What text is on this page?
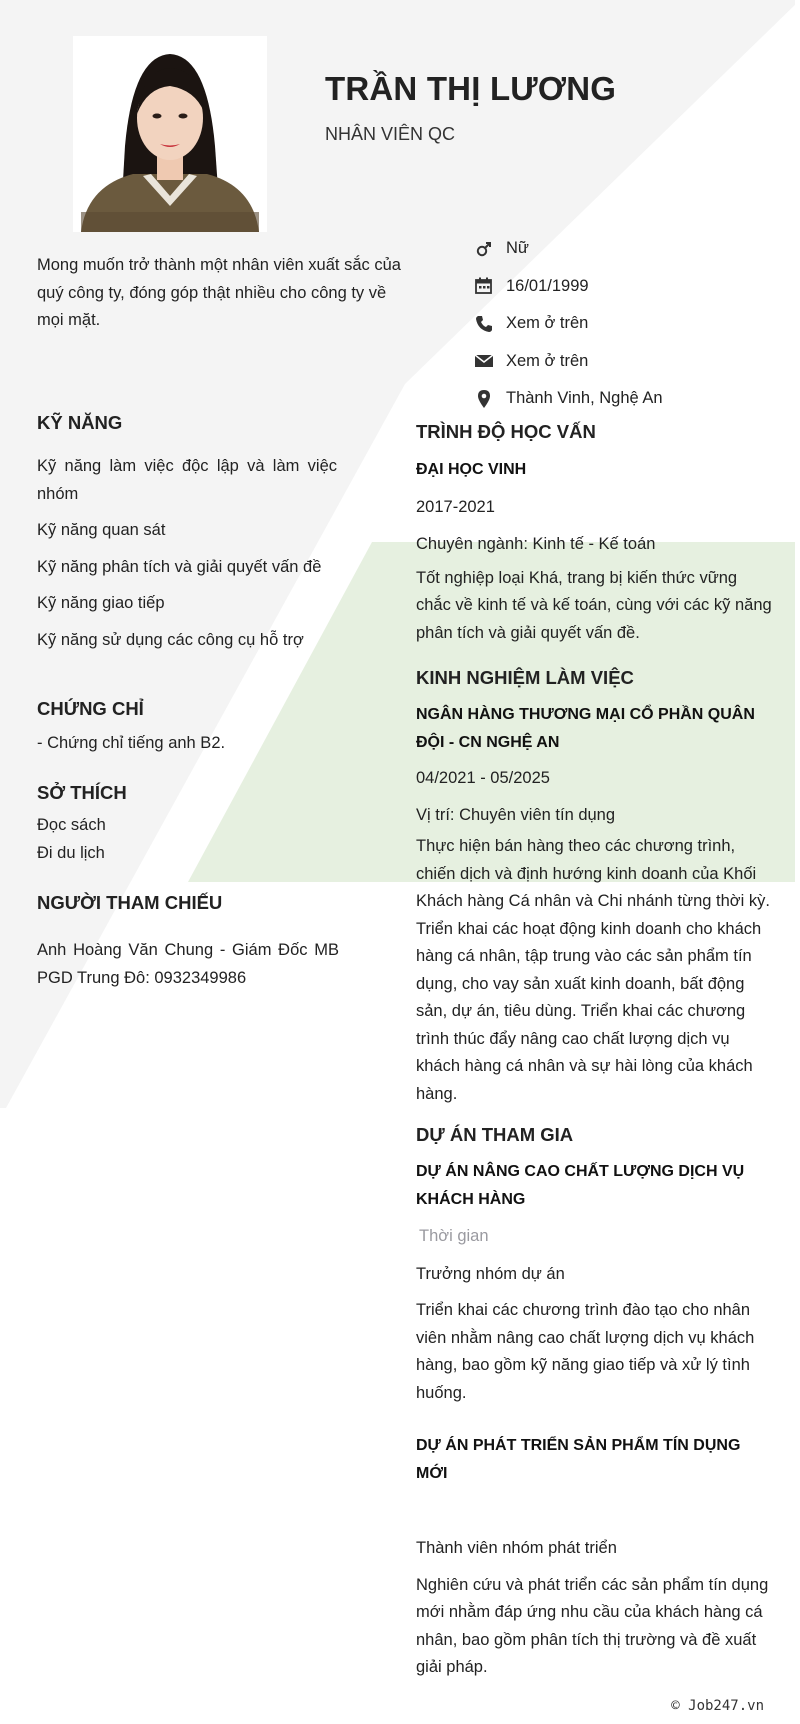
TRẦN THỊ LƯƠNG
NHÂN VIÊN QC
Mong muốn trở thành một nhân viên xuất sắc của quý công ty, đóng góp thật nhiều cho công ty về mọi mặt.
Nữ
16/01/1999
Xem ở trên
Xem ở trên
Thành Vinh, Nghệ An
KỸ NĂNG
Kỹ năng làm việc độc lập và làm việc nhóm
Kỹ năng quan sát
Kỹ năng phân tích và giải quyết vấn đề
Kỹ năng giao tiếp
Kỹ năng sử dụng các công cụ hỗ trợ
CHỨNG CHỈ
- Chứng chỉ tiếng anh B2.
SỞ THÍCH
Đọc sách
Đi du lịch
NGƯỜI THAM CHIẾU
Anh Hoàng Văn Chung - Giám Đốc MB PGD Trung Đô: 0932349986
TRÌNH ĐỘ HỌC VẤN
ĐẠI HỌC VINH
2017-2021
Chuyên ngành: Kinh tế - Kế toán
Tốt nghiệp loại Khá, trang bị kiến thức vững chắc về kinh tế và kế toán, cùng với các kỹ năng phân tích và giải quyết vấn đề.
KINH NGHIỆM LÀM VIỆC
NGÂN HÀNG THƯƠNG MẠI CỔ PHẦN QUÂN ĐỘI - CN NGHỆ AN
04/2021 - 05/2025
Vị trí: Chuyên viên tín dụng
Thực hiện bán hàng theo các chương trình, chiến dịch và định hướng kinh doanh của Khối Khách hàng Cá nhân và Chi nhánh từng thời kỳ. Triển khai các hoạt động kinh doanh cho khách hàng cá nhân, tập trung vào các sản phẩm tín dụng, cho vay sản xuất kinh doanh, bất động sản, dự án, tiêu dùng. Triển khai các chương trình thúc đẩy nâng cao chất lượng dịch vụ khách hàng cá nhân và sự hài lòng của khách hàng.
DỰ ÁN THAM GIA
DỰ ÁN NÂNG CAO CHẤT LƯỢNG DỊCH VỤ KHÁCH HÀNG
Thời gian
Trưởng nhóm dự án
Triển khai các chương trình đào tạo cho nhân viên nhằm nâng cao chất lượng dịch vụ khách hàng, bao gồm kỹ năng giao tiếp và xử lý tình huống.
DỰ ÁN PHÁT TRIỂN SẢN PHẨM TÍN DỤNG MỚI
Thành viên nhóm phát triển
Nghiên cứu và phát triển các sản phẩm tín dụng mới nhằm đáp ứng nhu cầu của khách hàng cá nhân, bao gồm phân tích thị trường và đề xuất giải pháp.
© Job247.vn
